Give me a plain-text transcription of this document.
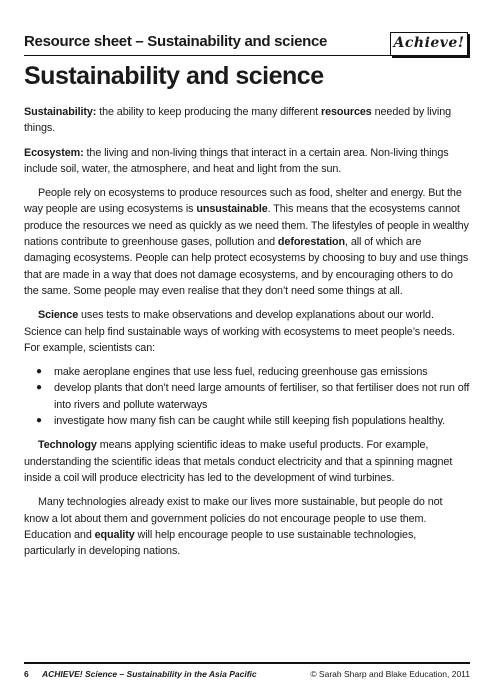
Resource sheet – Sustainability and science	Achieve!
Sustainability and science

Sustainability: the ability to keep producing the many different resources needed by living things.

Ecosystem: the living and non-living things that interact in a certain area. Non-living things include soil, water, the atmosphere, and heat and light from the sun.

People rely on ecosystems to produce resources such as food, shelter and energy. But the way people are using ecosystems is unsustainable. This means that the ecosystems cannot produce the resources we need as quickly as we need them. The lifestyles of people in wealthy nations contribute to greenhouse gases, pollution and deforestation, all of which are damaging ecosystems. People can help protect ecosystems by choosing to buy and use things that are made in a way that does not damage ecosystems, and by encouraging others to do the same. Some people may even realise that they don’t need some things at all.

Science uses tests to make observations and develop explanations about our world. Science can help find sustainable ways of working with ecosystems to meet people’s needs. For example, scientists can:

● make aeroplane engines that use less fuel, reducing greenhouse gas emissions
● develop plants that don’t need large amounts of fertiliser, so that fertiliser does not run off into rivers and pollute waterways
● investigate how many fish can be caught while still keeping fish populations healthy.

Technology means applying scientific ideas to make useful products. For example, understanding the scientific ideas that metals conduct electricity and that a spinning magnet inside a coil will produce electricity has led to the development of wind turbines.

Many technologies already exist to make our lives more sustainable, but people do not know a lot about them and government policies do not encourage people to use them. Education and equality will help encourage people to use sustainable technologies, particularly in developing nations.

6 ACHIEVE! Science – Sustainability in the Asia Pacific	© Sarah Sharp and Blake Education, 2011
